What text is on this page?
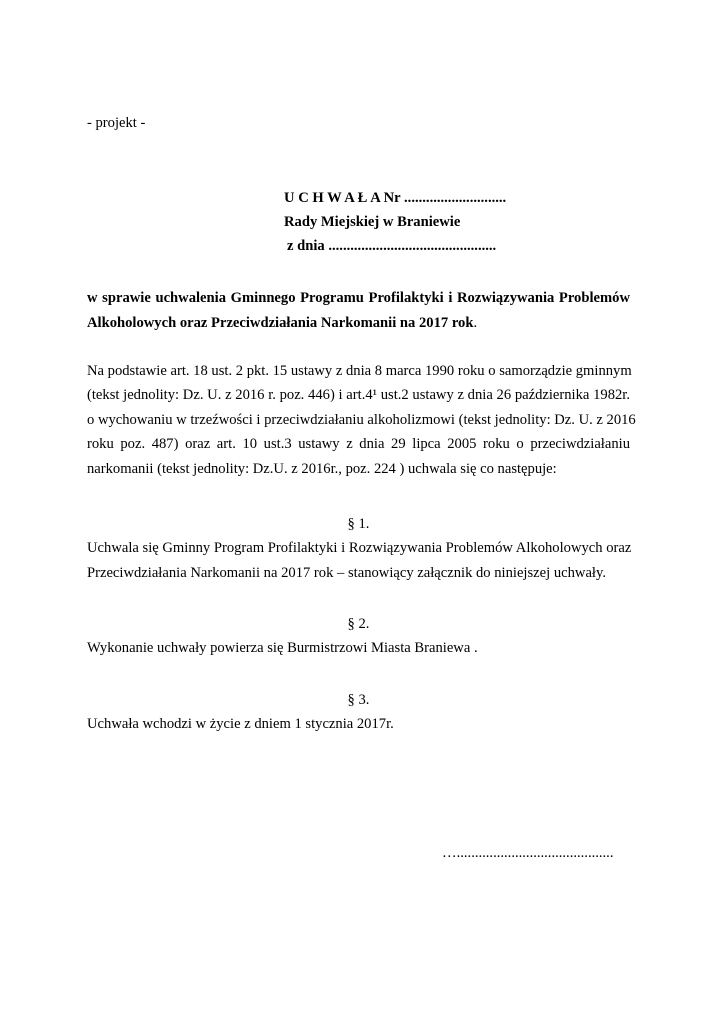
- projekt -
U C H W A Ł A Nr ............................
Rady Miejskiej w Braniewie
z dnia ..............................................
w sprawie uchwalenia Gminnego Programu Profilaktyki i Rozwiązywania Problemów
Alkoholowych oraz Przeciwdziałania Narkomanii na 2017 rok.
Na podstawie art. 18 ust. 2 pkt. 15 ustawy z dnia 8 marca 1990 roku o samorządzie gminnym
(tekst jednolity: Dz. U. z 2016 r. poz. 446) i art.4¹ ust.2 ustawy z dnia 26 października 1982r.
o wychowaniu w trzeźwości i przeciwdziałaniu alkoholizmowi (tekst jednolity: Dz. U. z 2016
roku poz. 487) oraz art. 10 ust.3 ustawy z dnia 29 lipca 2005 roku o przeciwdziałaniu
narkomanii (tekst jednolity: Dz.U. z 2016r., poz. 224 ) uchwala się co następuje:
§ 1.
Uchwala się Gminny Program Profilaktyki i Rozwiązywania Problemów Alkoholowych oraz
Przeciwdziałania Narkomanii na 2017 rok – stanowiący załącznik do niniejszej uchwały.
§ 2.
Wykonanie uchwały powierza się Burmistrzowi Miasta Braniewa .
§ 3.
Uchwała wchodzi w życie z dniem 1 stycznia 2017r.
…...........................................
